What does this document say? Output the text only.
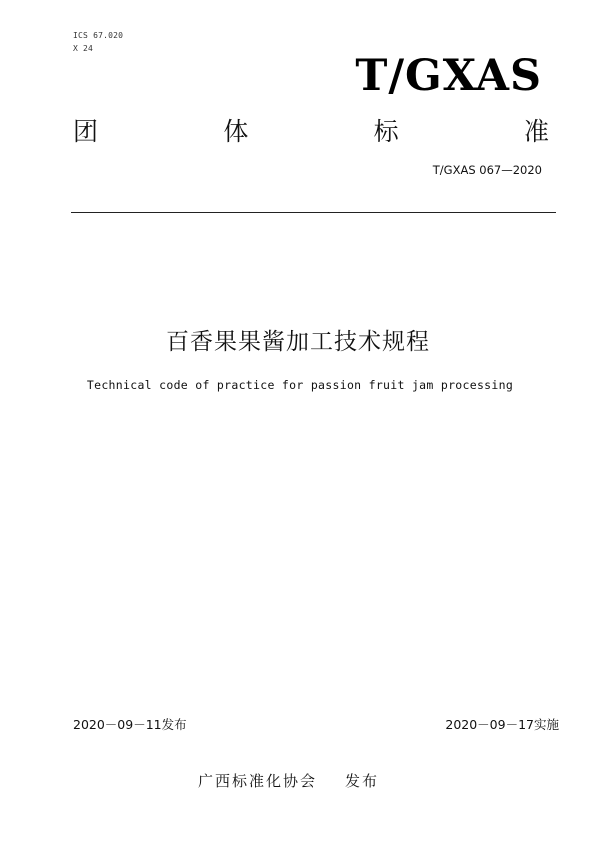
ICS 67.020
X 24
T/GXAS
团	体	标	准
T/GXAS 067—2020
百香果果酱加工技术规程
Technical code of practice for passion fruit jam processing
2020－09－11发布	2020－09－17实施
广西标准化协会 发布
